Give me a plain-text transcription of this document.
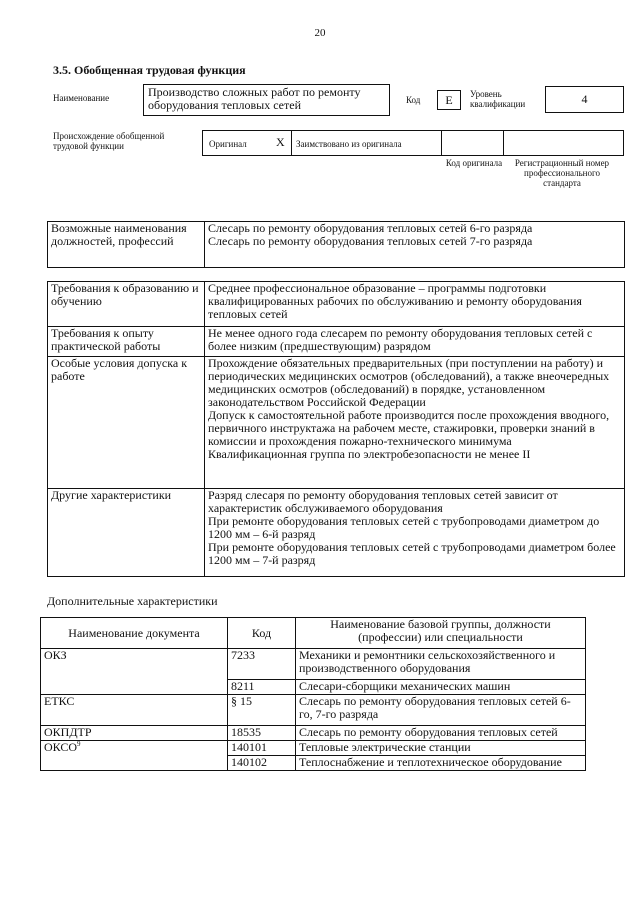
20
3.5. Обобщенная трудовая функция
Наименование	Производство сложных работ по ремонту оборудования тепловых сетей	Код	E	Уровень квалификации	4
Происхождение обобщенной трудовой функции	Оригинал X Заимствовано из оригинала
Код оригинала	Регистрационный номер профессионального стандарта
Возможные наименования должностей, профессий	Слесарь по ремонту оборудования тепловых сетей 6-го разряда
Слесарь по ремонту оборудования тепловых сетей 7-го разряда
Требования к образованию и обучению	Среднее профессиональное образование – программы подготовки квалифицированных рабочих по обслуживанию и ремонту оборудования тепловых сетей
Требования к опыту практической работы	Не менее одного года слесарем по ремонту оборудования тепловых сетей с более низким (предшествующим) разрядом
Особые условия допуска к работе	Прохождение обязательных предварительных (при поступлении на работу) и периодических медицинских осмотров (обследований), а также внеочередных медицинских осмотров (обследований) в порядке, установленном законодательством Российской Федерации
Допуск к самостоятельной работе производится после прохождения вводного, первичного инструктажа на рабочем месте, стажировки, проверки знаний в комиссии и прохождения пожарно-технического минимума
Квалификационная группа по электробезопасности не менее II
Другие характеристики	Разряд слесаря по ремонту оборудования тепловых сетей зависит от характеристик обслуживаемого оборудования
При ремонте оборудования тепловых сетей с трубопроводами диаметром до 1200 мм – 6-й разряд
При ремонте оборудования тепловых сетей с трубопроводами диаметром более 1200 мм – 7-й разряд
Дополнительные характеристики
Наименование документа	Код	Наименование базовой группы, должности (профессии) или специальности
ОКЗ	7233	Механики и ремонтники сельскохозяйственного и производственного оборудования
	8211	Слесари-сборщики механических машин
ЕТКС	§ 15	Слесарь по ремонту оборудования тепловых сетей 6-го, 7-го разряда
ОКПДТР	18535	Слесарь по ремонту оборудования тепловых сетей
ОКСО$^9$	140101	Тепловые электрические станции
	140102	Теплоснабжение и теплотехническое оборудование
